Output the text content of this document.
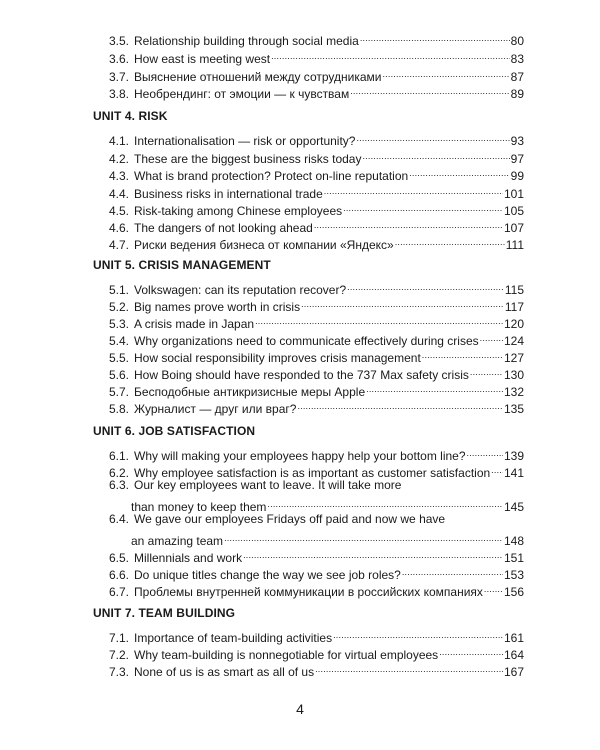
3.5. Relationship building through social media .....	80
3.6. How east is meeting west .....	83
3.7. Выяснение отношений между сотрудниками .....	87
3.8. Необрендинг: от эмоции — к чувствам .....	89
UNIT 4. RISK
4.1. Internationalisation — risk or opportunity? .....	93
4.2. These are the biggest business risks today .....	97
4.3. What is brand protection? Protect on-line reputation .....	99
4.4. Business risks in international trade .....	101
4.5. Risk-taking among Chinese employees .....	105
4.6. The dangers of not looking ahead .....	107
4.7. Риски ведения бизнеса от компании «Яндекс» .....	111
UNIT 5. CRISIS MANAGEMENT
5.1. Volkswagen: can its reputation recover? .....	115
5.2. Big names prove worth in crisis .....	117
5.3. A crisis made in Japan .....	120
5.4. Why organizations need to communicate effectively during crises ..... 124
5.5. How social responsibility improves crisis management .....	127
5.6. How Boing should have responded to the 737 Max safety crisis .....	130
5.7. Бесподобные антикризисные меры Apple .....	132
5.8. Журналист — друг или враг? .....	135
UNIT 6. JOB SATISFACTION
6.1. Why will making your employees happy help your bottom line? .....	139
6.2. Why employee satisfaction is as important as customer satisfaction ..... 141
6.3. Our key employees want to leave. It will take more
than money to keep them .....	145
6.4. We gave our employees Fridays off paid and now we have
an amazing team .....	148
6.5. Millennials and work .....	151
6.6. Do unique titles change the way we see job roles? .....	153
6.7. Проблемы внутренней коммуникации в российских компаниях ..... 156
UNIT 7. TEAM BUILDING
7.1. Importance of team-building activities .....	161
7.2. Why team-building is nonnegotiable for virtual employees .....	164
7.3. None of us is as smart as all of us .....	167
4
